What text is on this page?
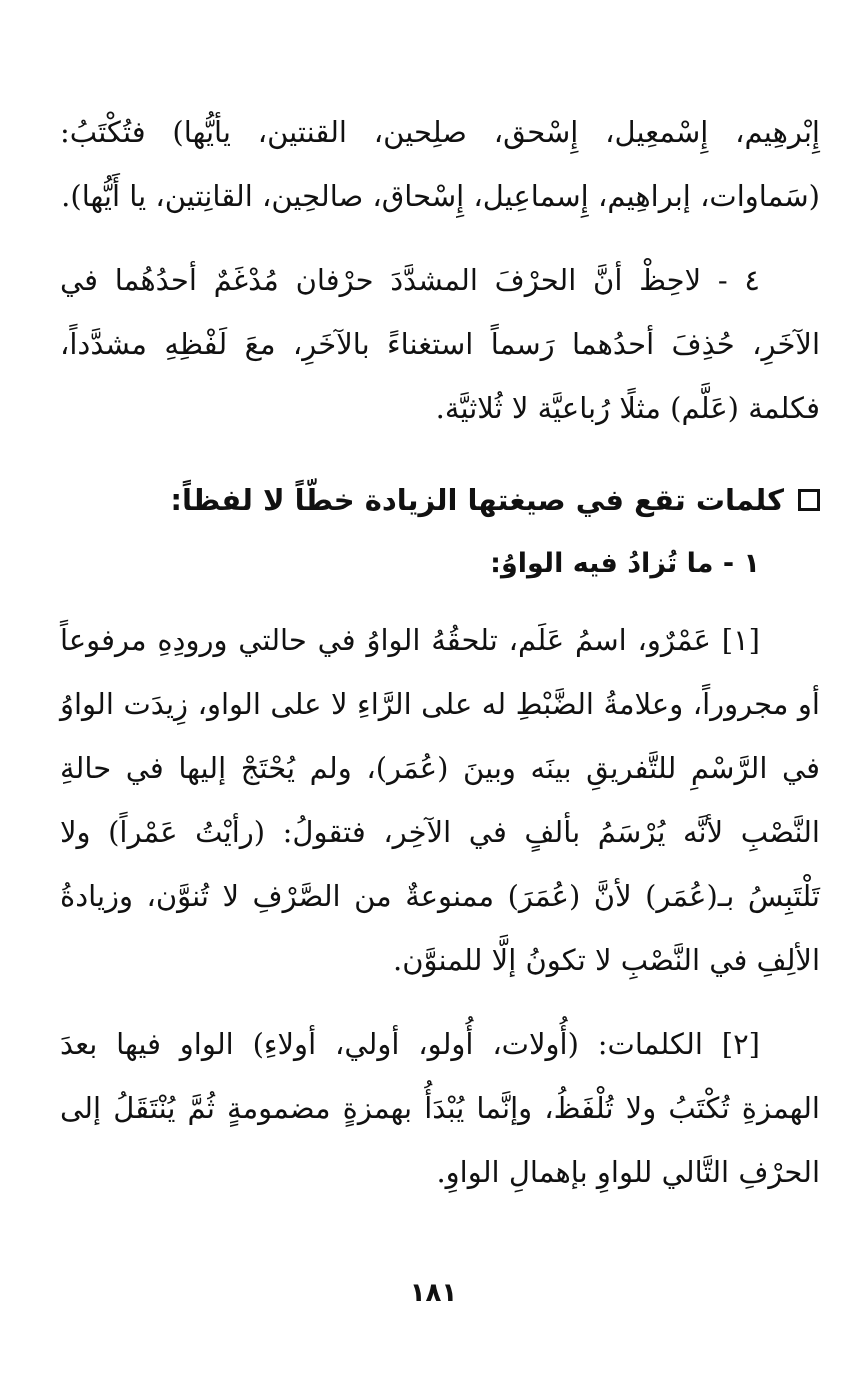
إِبْرهِيم، إِسْمعِيل، إِسْحق، صلِحين، القنتين، يأيُّها) فتُكْتَبُ: (سَماوات، إبراهِيم، إِسماعِيل، إِسْحاق، صالحِين، القانِتين، يا أَيُّها).

٤ - لاحِظْ أنَّ الحرْفَ المشدَّدَ حرْفان مُدْغَمٌ أحدُهُما في الآخَرِ، حُذِفَ أحدُهما رَسماً استغناءً بالآخَرِ، معَ لَفْظِهِ مشدَّداً، فكلمة (عَلَّم) مثلًا رُباعيَّة لا ثُلاثيَّة.

كلمات تقع في صيغتها الزيادة خطّاً لا لفظاً:
١ - ما تُزادُ فيه الواوُ:

[١] عَمْرٌو، اسمُ عَلَم، تلحقُهُ الواوُ في حالتي ورودِهِ مرفوعاً أو مجروراً، وعلامةُ الضَّبْطِ له على الرَّاءِ لا على الواو، زِيدَت الواوُ في الرَّسْمِ للتَّفريقِ بينَه وبينَ (عُمَر)، ولم يُحْتَجْ إليها في حالةِ النَّصْبِ لأنَّه يُرْسَمُ بألفٍ في الآخِر، فتقولُ: (رأيْتُ عَمْراً) ولا تَلْتَبِسُ بـ(عُمَر) لأنَّ (عُمَرَ) ممنوعةٌ من الصَّرْفِ لا تُنوَّن، وزيادةُ الألِفِ في النَّصْبِ لا تكونُ إلَّا للمنوَّن.

[٢] الكلمات: (أُولات، أُولو، أولي، أولاءِ) الواو فيها بعدَ الهمزةِ تُكْتَبُ ولا تُلْفَظُ، وإنَّما يُبْدَأُ بهمزةٍ مضمومةٍ ثُمَّ يُنْتَقَلُ إلى الحرْفِ التَّالي للواوِ بإهمالِ الواوِ.

١٨١
